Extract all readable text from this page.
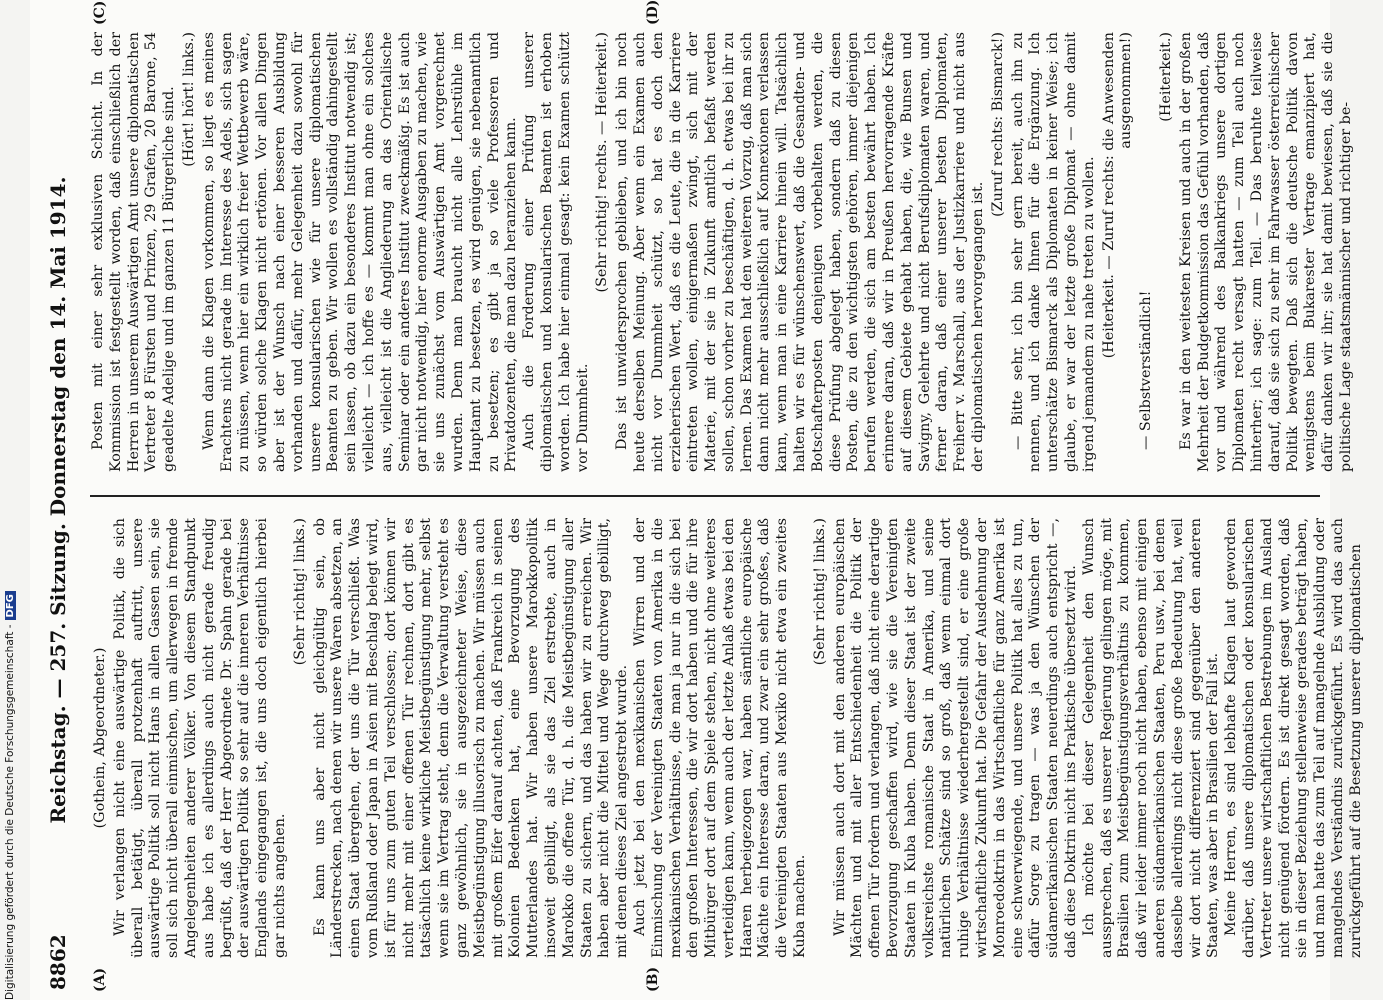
8862
Reichstag. — 257. Sitzung. Donnerstag den 14. Mai 1914.
(A)	(B)
(C)	(D)

(Gothein, Abgeordneter.) Wir verlangen nicht eine auswärtige Politik, die sich überall betätigt, überall protzenhaft auftritt, unsere auswärtige Politik soll nicht Hans in allen Gassen sein, sie soll sich nicht überall einmischen, um allerwegen in fremde Angelegenheiten anderer Völker. Von diesem Standpunkt aus habe ich es allerdings auch nicht gerade freudig begrüßt, daß der Herr Abgeordnete Dr. Spahn gerade bei der auswärtigen Politik so sehr auf die inneren Verhältnisse Englands eingegangen ist, die uns doch eigentlich hierbei gar nichts angehen.

(Sehr richtig! links.) Es kann uns aber nicht gleichgültig sein, ob Länderstrecken, nach denen wir unsere Waren absetzen, an einen Staat übergehen, der uns die Tür verschließt. Was vom Rußland oder Japan in Asien mit Beschlag belegt wird, ist für uns zum guten Teil verschlossen; dort können wir nicht mehr mit einer offenen Tür rechnen, dort gibt es tatsächlich keine wirkliche Meistbegünstigung mehr, selbst wenn sie im Vertrag steht, denn die Verwaltung versteht es ganz gewöhnlich, sie in ausgezeichneter Weise, diese Meistbegünstigung illusorisch zu machen. Wir müssen auch mit großem Eifer darauf achten, daß Frankreich in seinen Kolonien Bedenken hat, eine Bevorzugung des Mutterlandes hat. Wir haben unsere Marokkopolitik insoweit gebilligt, als sie das Ziel erstrebte, auch in Marokko die offene Tür, d. h. die Meistbegünstigung aller Staaten zu sichern, und das haben wir zu erreichen. Wir haben aber nicht die Mittel und Wege durchweg gebilligt, mit denen dieses Ziel angestrebt wurde. Auch jetzt bei den mexikanischen Wirren und der Einmischung der Vereinigten Staaten von Amerika in die mexikanischen Verhältnisse, die man ja nur in die sich bei den großen Interessen, die wir dort haben und die für ihre Mitbürger dort auf dem Spiele stehen, nicht ohne weiteres verteidigen kann, wenn auch der letzte Anlaß etwas bei den Haaren herbeigezogen war, haben sämtliche europäische Mächte ein Interesse daran, und zwar ein sehr großes, daß die Vereinigten Staaten aus Mexiko nicht etwa ein zweites Kuba machen.

(Sehr richtig! links.) Wir müssen auch dort mit den anderen europäischen Mächten und mit aller Entschiedenheit die Politik der offenen Tür fordern und verlangen, daß nicht eine derartige Bevorzugung geschaffen wird, wie sie die Vereinigten Staaten in Kuba haben. Denn dieser Staat ist der zweite volksreichste romanische Staat in Amerika, und seine natürlichen Schätze sind so groß, daß wenn einmal dort ruhige Verhältnisse wiederhergestellt sind, er eine große wirtschaftliche Zukunft hat. Die Gefahr der Ausdehnung der Monroedoktrin in das Wirtschaftliche für ganz Amerika ist eine schwerwiegende, und unsere Politik hat alles zu tun, dafür Sorge zu tragen — was ja den Wünschen der südamerikanischen Staaten neuerdings auch entspricht —, daß diese Doktrin nicht ins Praktische übersetzt wird. Ich möchte bei dieser Gelegenheit den Wunsch aussprechen, daß es unserer Regierung gelingen möge, mit Brasilien zum Meistbegünstigungsverhältnis zu kommen, daß wir leider immer noch nicht haben, ebenso mit einigen anderen südamerikanischen Staaten, Peru usw., bei denen dasselbe allerdings nicht diese große Bedeutung hat, weil wir dort nicht differenziert sind gegenüber den anderen Staaten, was aber in Brasilien der Fall ist. Meine Herren, es sind lebhafte Klagen laut geworden darüber, daß unsere diplomatischen oder konsularischen Vertreter unsere wirtschaftlichen Bestrebungen im Ausland nicht genügend fördern. Es ist direkt gesagt worden, daß sie in dieser Beziehung stellenweise gerades beträgt haben, und man hatte das zum Teil auf mangelnde Ausbildung oder mangelndes Verständnis zurückgeführt. Es wird das auch zurückgeführt auf die Besetzung unserer diplomatischen

Posten mit einer sehr exklusiven Schicht. In der Kommission ist festgestellt worden, daß einschließlich der Herren in unserem Auswärtigen Amt unsere diplomatischen Vertreter 8 Fürsten und Prinzen, 29 Grafen, 20 Barone, 54 geadelte Adelige und im ganzen 11 Bürgerliche sind. (Hört! hört! links.) Wenn dann die Klagen vorkommen, so liegt es meines Erachtens nicht gerade im Interesse des Adels, sich sagen zu müssen, wenn hier ein wirklich freier Wettbewerb wäre, so würden solche Klagen nicht ertönen. Vor allen Dingen aber ist der Wunsch nach einer besseren Ausbildung vorhanden und dafür, mehr Gelegenheit dazu sowohl für unsere konsularischen wie für unsere diplomatischen Beamten zu geben. Wir wollen es vollständig dahingestellt sein lassen, ob dazu ein besonderes Institut notwendig ist; vielleicht — ich hoffe es — kommt man ohne ein solches aus, vielleicht ist die Angliederung an das Orientalische Seminar oder ein anderes Institut zweckmäßig. Es ist auch gar nicht notwendig, hier enorme Ausgaben zu machen, wie sie uns zunächst vom Auswärtigen Amt vorgerechnet wurden. Denn man braucht nicht alle Lehrstühle im Hauptamt zu besetzen, es wird genügen, sie nebenamtlich zu besetzen; es gibt ja so viele Professoren und Privatdozenten, die man dazu heranziehen kann. Auch die Forderung einer Prüfung unserer diplomatischen und konsularischen Beamten ist erhoben worden. Ich habe hier einmal gesagt: kein Examen schützt vor Dummheit.

(Sehr richtig! rechts. — Heiterkeit.) Das ist unwidersprochen geblieben, und ich bin noch heute derselben Meinung. Aber wenn ein Examen auch nicht vor Dummheit schützt, so hat es doch den erzieherischen Wert, daß es die Leute, die in die Karriere eintreten wollen, einigermaßen zwingt, sich mit der Materie, mit der sie in Zukunft amtlich befaßt werden sollen, schon vorher zu beschäftigen, d. h. etwas bei ihr zu lernen. Das Examen hat den weiteren Vorzug, daß man sich dann nicht mehr ausschließlich auf Konnexionen verlassen kann, wenn man in eine Karriere hinein will. Tatsächlich halten wir es für wünschenswert, daß die Gesandten- und Botschafterposten denjenigen vorbehalten werden, die diese Prüfung abgelegt haben, sondern daß zu diesen Posten, die zu den wichtigsten gehören, immer diejenigen berufen werden, die sich am besten bewährt haben. Ich erinnere daran, daß wir in Preußen hervorragende Kräfte auf diesem Gebiete gehabt haben, die, wie Bunsen und Savigny, Gelehrte und nicht Berufsdiplomaten waren, und ferner daran, daß einer unserer besten Diplomaten, Freiherr v. Marschall, aus der Justizkarriere und nicht aus der diplomatischen hervorgegangen ist.

(Zuruf rechts: Bismarck!) — Bitte sehr, ich bin sehr gern bereit, auch ihn zu nennen, und ich danke Ihnen für die Ergänzung. Ich unterschätze Bismarck als Diplomaten in keiner Weise; ich glaube, er war der letzte große Diplomat — ohne damit irgend jemandem zu nahe treten zu wollen. (Heiterkeit. — Zuruf rechts: die Anwesenden ausgenommen!)

— Selbstverständlich!

(Heiterkeit.) Es war in den weitesten Kreisen und auch in der großen Mehrheit der Budgetkommission das Gefühl vorhanden, daß vor und während des Balkankriegs unsere dortigen Diplomaten recht versagt hatten — zum Teil auch noch hinterher; ich sage: zum Teil. — Das beruhte teilweise darauf, daß sie sich zu sehr im Fahrwasser österreichischer Politik bewegten. Daß sich die deutsche Politik davon wenigstens beim Bukarester Vertrage emanzipiert hat, dafür danken wir ihr; sie hat damit bewiesen, daß sie die politische Lage staatsmännischer und richtiger be-

Digitalisierung gefördert durch die Deutsche Forschungsgemeinschaft -DFG
